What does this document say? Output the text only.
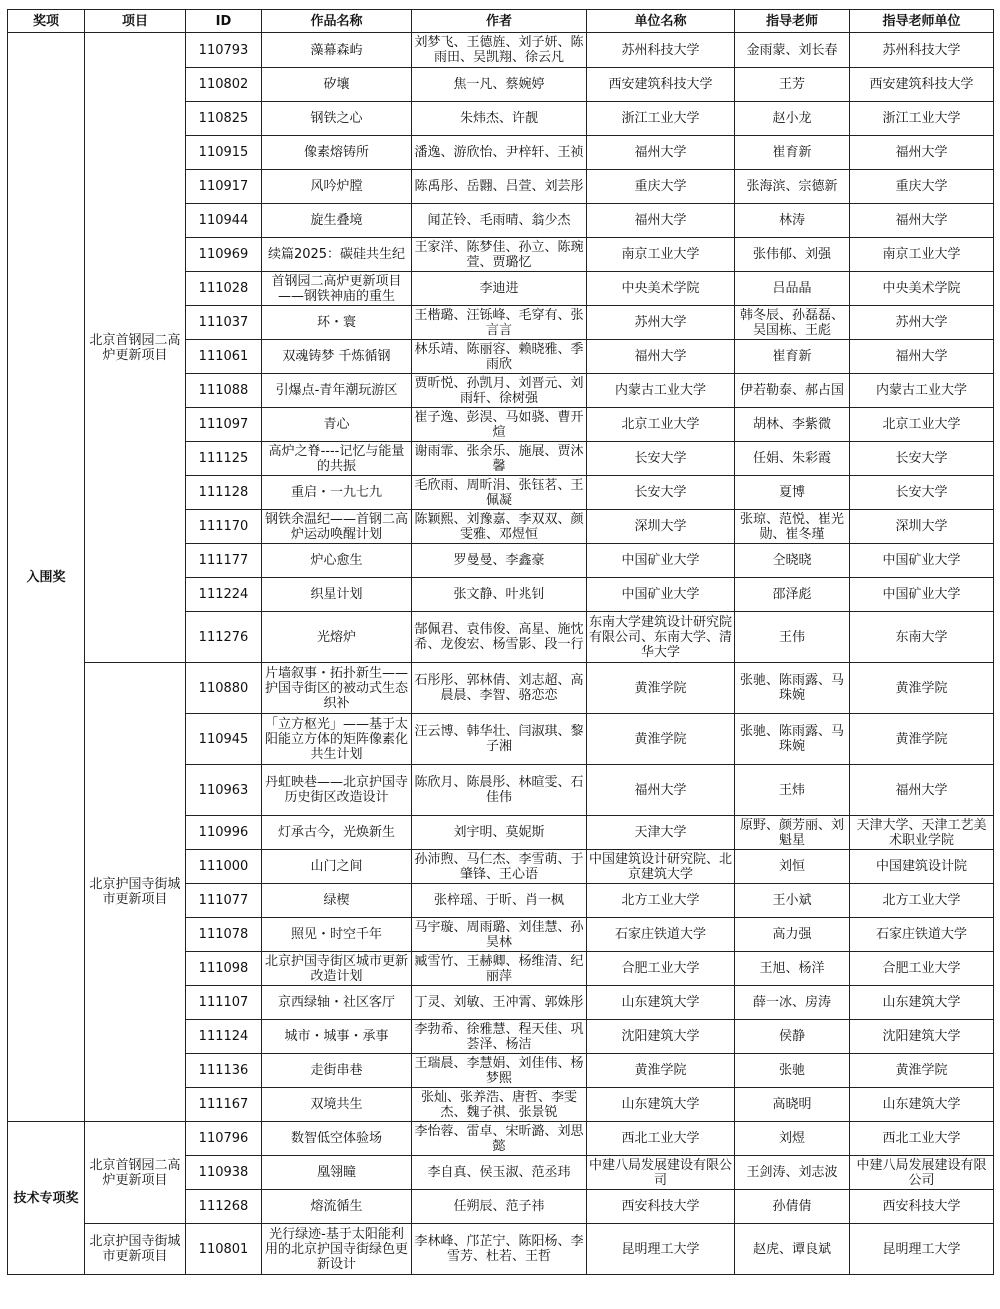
奖项	项目	ID	作品名称	作者	单位名称	指导老师	指导老师单位
入围奖	北京首钢园二高炉更新项目	110793	藻幕森屿	刘梦飞、王德旌、刘子妍、陈雨田、吴凯翔、徐云凡	苏州科技大学	金雨蒙、刘长春	苏州科技大学
		110802	矽壤	焦一凡、蔡婉婷	西安建筑科技大学	王芳	西安建筑科技大学
		110825	钢铁之心	朱炜杰、许靓	浙江工业大学	赵小龙	浙江工业大学
		110915	像素熔铸所	潘逸、游欣怡、尹梓轩、王祯	福州大学	崔育新	福州大学
		110917	风吟炉膛	陈禹彤、岳翾、吕萱、刘芸彤	重庆大学	张海滨、宗德新	重庆大学
		110944	旋生叠境	闻芷铃、毛雨晴、翁少杰	福州大学	林涛	福州大学
		110969	续篇2025：碳硅共生纪	王家洋、陈梦佳、孙立、陈琬萱、贾璐忆	南京工业大学	张伟郁、刘强	南京工业大学
		111028	首钢园二高炉更新项目——钢铁神庙的重生	李迪进	中央美术学院	吕品晶	中央美术学院
		111037	环・寰	王楷璐、汪铄峰、毛穿有、张言言	苏州大学	韩冬辰、孙磊磊、吴国栋、王彪	苏州大学
		111061	双魂铸梦 千炼循钢	林乐靖、陈丽容、赖晓雅、季雨欣	福州大学	崔育新	福州大学
		111088	引爆点-青年潮玩游区	贾昕悦、孙凯月、刘晋元、刘雨轩、徐树强	内蒙古工业大学	伊若勒泰、郝占国	内蒙古工业大学
		111097	青心	崔子逸、彭淏、马如骁、曹开煊	北京工业大学	胡林、李紫微	北京工业大学
		111125	高炉之脊----记忆与能量的共振	谢雨霏、张余乐、施展、贾沐馨	长安大学	任娟、朱彩霞	长安大学
		111128	重启・一九七九	毛欣雨、周昕涓、张钰茗、王佩凝	长安大学	夏博	长安大学
		111170	钢铁余温纪——首钢二高炉运动唤醒计划	陈颖熙、刘豫嘉、李双双、颜雯雅、邓煜恒	深圳大学	张琼、范悦、崔光勋、崔冬瑾	深圳大学
		111177	炉心愈生	罗曼曼、李鑫豪	中国矿业大学	仝晓晓	中国矿业大学
		111224	织星计划	张文静、叶兆钊	中国矿业大学	邵泽彪	中国矿业大学
		111276	光熔炉	郜佩君、袁伟俊、高星、施忱希、龙俊宏、杨雪影、段一行	东南大学建筑设计研究院有限公司、东南大学、清华大学	王伟	东南大学
	北京护国寺街城市更新项目	110880	片墙叙事・拓扑新生——护国寺街区的被动式生态织补	石彤彤、郭林倩、刘志超、高晨晨、李智、骆恋恋	黄淮学院	张驰、陈雨露、马珠婉	黄淮学院
		110945	「立方枢光」——基于太阳能立方体的矩阵像素化共生计划	汪云博、韩华壮、闫淑琪、黎子湘	黄淮学院	张驰、陈雨露、马珠婉	黄淮学院
		110963	丹虹映巷——北京护国寺历史街区改造设计	陈欣月、陈晨彤、林暄雯、石佳伟	福州大学	王炜	福州大学
		110996	灯承古今，光焕新生	刘宇明、莫妮斯	天津大学	原野、颜芳丽、刘魁星	天津大学、天津工艺美术职业学院
		111000	山门之间	孙沛煦、马仁杰、李雪萌、于肇锋、王心语	中国建筑设计研究院、北京建筑大学	刘恒	中国建筑设计院
		111077	绿楔	张梓瑶、于昕、肖一枫	北方工业大学	王小斌	北方工业大学
		111078	照见・时空千年	马宇璇、周雨璐、刘佳慧、孙昊林	石家庄铁道大学	高力强	石家庄铁道大学
		111098	北京护国寺街区城市更新改造计划	臧雪竹、王赫卿、杨维清、纪丽萍	合肥工业大学	王旭、杨洋	合肥工业大学
		111107	京西绿轴・社区客厅	丁灵、刘敏、王冲霄、郭姝彤	山东建筑大学	薛一冰、房涛	山东建筑大学
		111124	城市・城事・承事	李勃希、徐雅慧、程天佳、巩荟泽、杨洁	沈阳建筑大学	侯静	沈阳建筑大学
		111136	走街串巷	王瑞晨、李慧娟、刘佳伟、杨梦熙	黄淮学院	张驰	黄淮学院
		111167	双境共生	张灿、张养浩、唐哲、李雯杰、魏子祺、张景锐	山东建筑大学	高晓明	山东建筑大学
技术专项奖	北京首钢园二高炉更新项目	110796	数智低空体验场	李怡蓉、雷卓、宋昕潞、刘思懿	西北工业大学	刘煜	西北工业大学
		110938	凰翎瞳	李自真、侯玉淑、范丞玮	中建八局发展建设有限公司	王剑涛、刘志波	中建八局发展建设有限公司
		111268	熔流循生	任朔辰、范子祎	西安科技大学	孙倩倩	西安科技大学
	北京护国寺街城市更新项目	110801	光行绿迹-基于太阳能利用的北京护国寺街绿色更新设计	李林峰、邝芷宁、陈阳杨、李雪芳、杜若、王哲	昆明理工大学	赵虎、谭良斌	昆明理工大学
